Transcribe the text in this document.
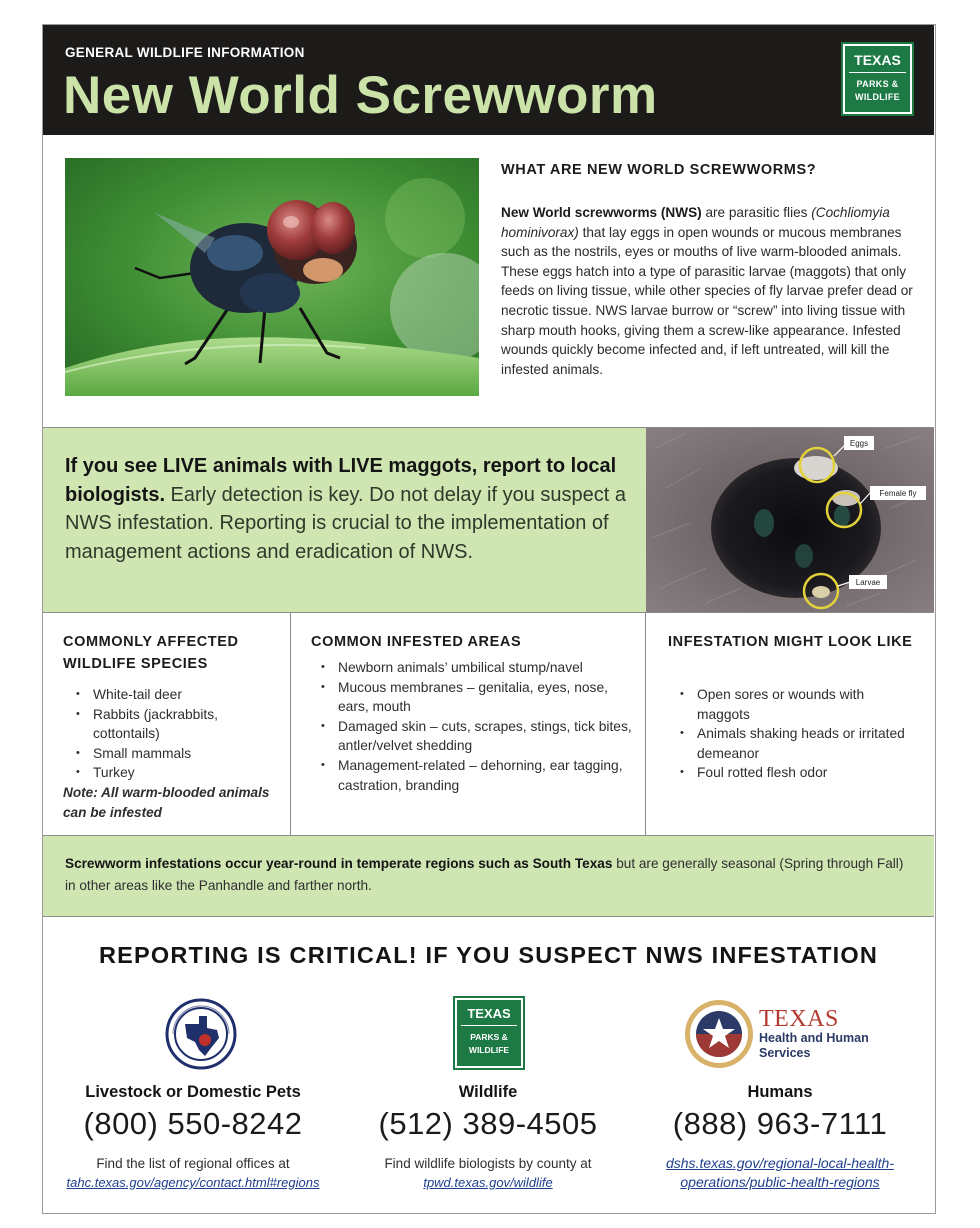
GENERAL WILDLIFE INFORMATION
New World Screwworm
TEXAS
PARKS &
WILDLIFE
WHAT ARE NEW WORLD SCREWWORMS?
New World screwworms (NWS) are parasitic flies (Cochliomyia hominivorax) that lay eggs in open wounds or mucous membranes such as the nostrils, eyes or mouths of live warm-blooded animals. These eggs hatch into a type of parasitic larvae (maggots) that only feeds on living tissue, while other species of fly larvae prefer dead or necrotic tissue. NWS larvae burrow or “screw” into living tissue with sharp mouth hooks, giving them a screw-like appearance. Infested wounds quickly become infected and, if left untreated, will kill the infested animals.

If you see LIVE animals with LIVE maggots, report to local biologists. Early detection is key. Do not delay if you suspect a NWS infestation. Reporting is crucial to the implementation of management actions and eradication of NWS.

Eggs
Female fly
Larvae
COMMONLY AFFECTED WILDLIFE SPECIES
• White-tail deer
• Rabbits (jackrabbits, cottontails)
• Small mammals
• Turkey
Note: All warm-blooded animals can be infested
COMMON INFESTED AREAS
• Newborn animals’ umbilical stump/navel
• Mucous membranes – genitalia, eyes, nose, ears, mouth
• Damaged skin – cuts, scrapes, stings, tick bites, antler/velvet shedding
• Management-related – dehorning, ear tagging, castration, branding
INFESTATION MIGHT LOOK LIKE
• Open sores or wounds with maggots
• Animals shaking heads or irritated demeanor
• Foul rotted flesh odor

Screwworm infestations occur year-round in temperate regions such as South Texas but are generally seasonal (Spring through Fall) in other areas like the Panhandle and farther north.

REPORTING IS CRITICAL! IF YOU SUSPECT NWS INFESTATION
Livestock or Domestic Pets
(800) 550-8242
Find the list of regional offices at
tahc.texas.gov/agency/contact.html#regions
TEXAS
PARKS &
WILDLIFE
Wildlife
(512) 389-4505
Find wildlife biologists by county at
tpwd.texas.gov/wildlife
TEXAS
Health and Human
Services
Humans
(888) 963-7111
dshs.texas.gov/regional-local-health-
operations/public-health-regions
